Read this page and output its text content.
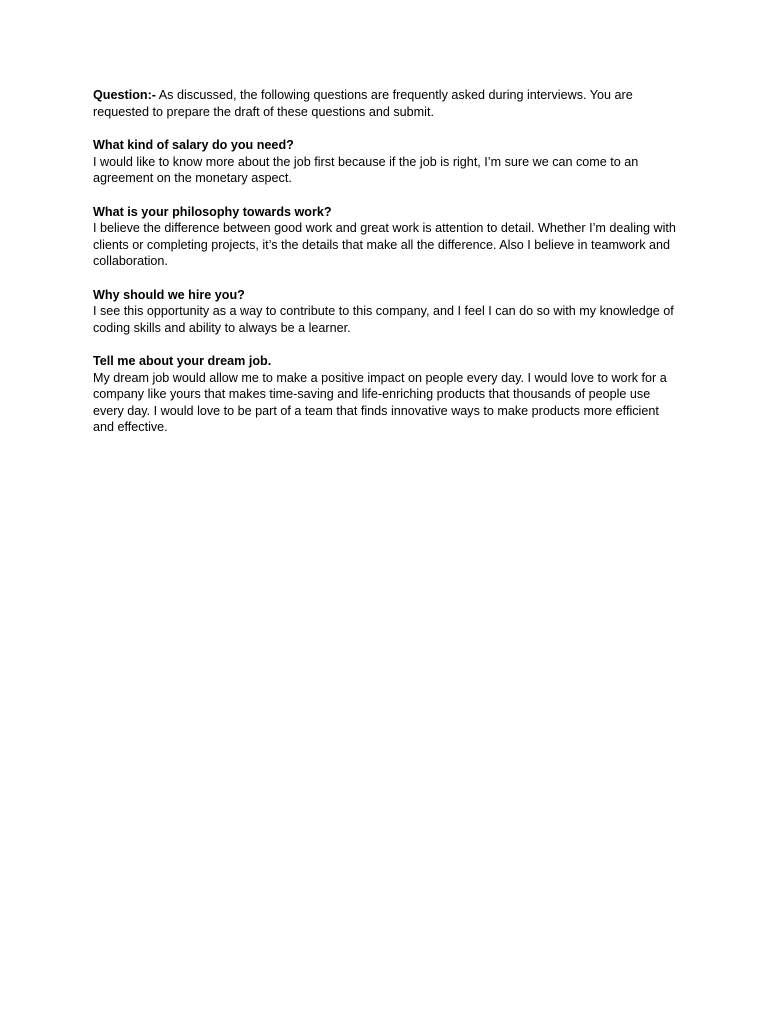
Question:- As discussed, the following questions are frequently asked during interviews. You are requested to prepare the draft of these questions and submit.

What kind of salary do you need?

I would like to know more about the job first because if the job is right, I’m sure we can come to an agreement on the monetary aspect.

What is your philosophy towards work?

I believe the difference between good work and great work is attention to detail. Whether I’m dealing with clients or completing projects, it’s the details that make all the difference. Also I believe in teamwork and collaboration.

Why should we hire you?

I see this opportunity as a way to contribute to this company, and I feel I can do so with my knowledge of coding skills and ability to always be a learner.

Tell me about your dream job.

My dream job would allow me to make a positive impact on people every day. I would love to work for a company like yours that makes time-saving and life-enriching products that thousands of people use every day. I would love to be part of a team that finds innovative ways to make products more efficient and effective.
